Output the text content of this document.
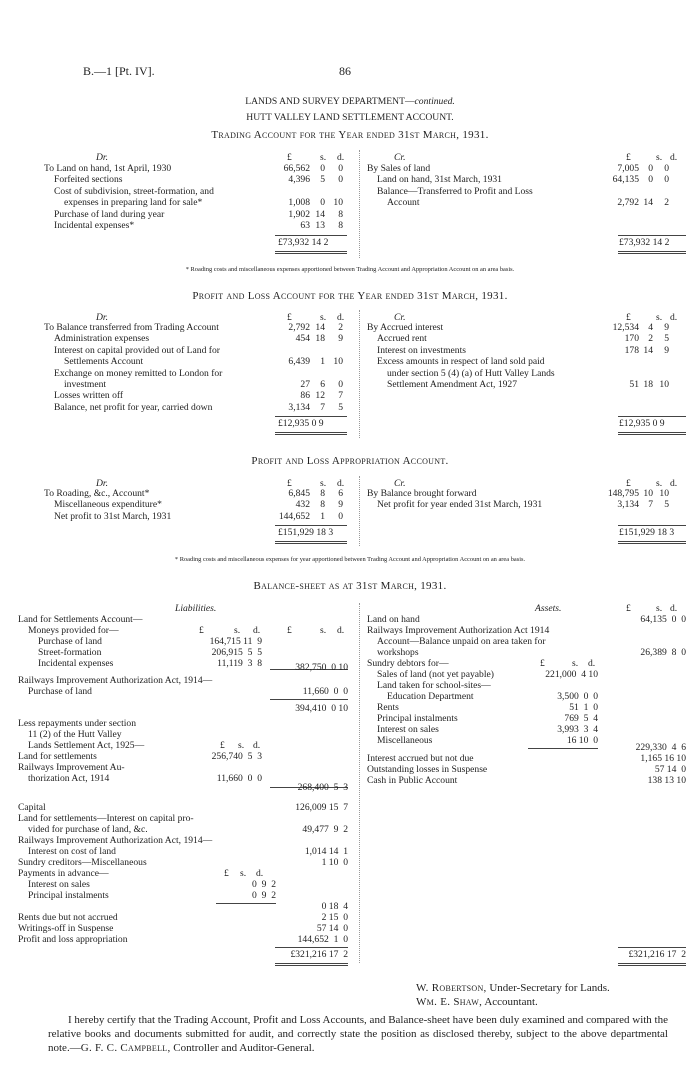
B.—1 [Pt. IV].	86
LANDS AND SURVEY DEPARTMENT—continued.
HUTT VALLEY LAND SETTLEMENT ACCOUNT.
Trading Account for the Year ended 31st March, 1931.
Dr.	Cr.
£	s. d.	£	s. d.
To Land on hand, 1st April, 1930	66,562	0	0
Forfeited sections	4,396	5	0
Cost of subdivision, street-formation, and			
expenses in preparing land for sale*	1,008	0	10
Purchase of land during year	1,902	14	8
Incidental expenses*	63	13	8
By Sales of land	7,005	0	0
Land on hand, 31st March, 1931	64,135	0	0
Balance—Transferred to Profit and Loss			
Account	2,792	14	2
£73,932 14 2	£73,932 14 2
* Roading costs and miscellaneous expenses apportioned between Trading Account and Appropriation Account on an area basis.
Profit and Loss Account for the Year ended 31st March, 1931.
Dr.	Cr.
£	s. d.	£	s. d.
To Balance transferred from Trading Account	2,792	14	2
Administration expenses	454	18	9
Interest on capital provided out of Land for			
Settlements Account	6,439	1	10
Exchange on money remitted to London for			
investment	27	6	0
Losses written off	86	12	7
Balance, net profit for year, carried down	3,134	7	5
By Accrued interest	12,534	4	9
Accrued rent	170	2	5
Interest on investments	178	14	9
Excess amounts in respect of land sold paid			
under section 5 (4) (a) of Hutt Valley Lands			
Settlement Amendment Act, 1927	51	18	10
£12,935 0 9	£12,935 0 9
Profit and Loss Appropriation Account.
Dr.	Cr.
£	s. d.	£	s. d.
To Roading, &c., Account*	6,845	8	6
Miscellaneous expenditure*	432	8	9
Net profit to 31st March, 1931	144,652	1	0
By Balance brought forward	148,795	10	10
Net profit for year ended 31st March, 1931	3,134	7	5
£151,929 18 3	£151,929 18 3
* Roading costs and miscellaneous expenses for year apportioned between Trading Account and Appropriation Account on an area basis.
Balance-sheet as at 31st March, 1931.
Liabilities.	Assets.	£	s. d.
Land for Settlements Account—
Moneys provided for—	£	s. d.	£	s. d.
Purchase of land	164,715 11  9
Street-formation	206,915  5  5
Incidental expenses	11,119  3  8	382,750  0 10
Railways Improvement Authorization Act, 1914—
Purchase of land	11,660  0  0
394,410  0 10
Less repayments under section
11 (2) of the Hutt Valley
Lands Settlement Act, 1925—	£ s. d.
Land for settlements	256,740  5  3
Railways Improvement Au-
thorization Act, 1914	11,660  0  0
268,400  5  3
Capital	126,009 15  7
Land for settlements—Interest on capital pro-
vided for purchase of land, &c.	49,477  9  2
Railways Improvement Authorization Act, 1914—
Interest on cost of land	1,014 14  1
Sundry creditors—Miscellaneous	1 10  0
Payments in advance—	£ s. d.
Interest on sales	0  9  2
Principal instalments	0  9  2
0 18  4
Rents due but not accrued	2 15  0
Writings-off in Suspense	57 14  0
Profit and loss appropriation	144,652  1  0
£321,216 17  2
Land on hand	64,135  0  0
Railways Improvement Authorization Act 1914
Account—Balance unpaid on area taken for
workshops	26,389  8  0
Sundry debtors for—	£	s. d.
Sales of land (not yet payable)	221,000  4 10
Land taken for school-sites—
Education Department	3,500  0  0
Rents	51  1  0
Principal instalments	769  5  4
Interest on sales	3,993  3  4
Miscellaneous	16 10  0
229,330  4  6
Interest accrued but not due	1,165 16 10
Outstanding losses in Suspense	57 14  0
Cash in Public Account	138 13 10
£321,216 17  2
W. Robertson, Under-Secretary for Lands.
Wm. E. Shaw, Accountant.
I hereby certify that the Trading Account, Profit and Loss Accounts, and Balance-sheet have been duly examined and compared with the relative books and documents submitted for audit, and correctly state the position as disclosed thereby, subject to the above departmental note.—G. F. C. Campbell, Controller and Auditor-General.
